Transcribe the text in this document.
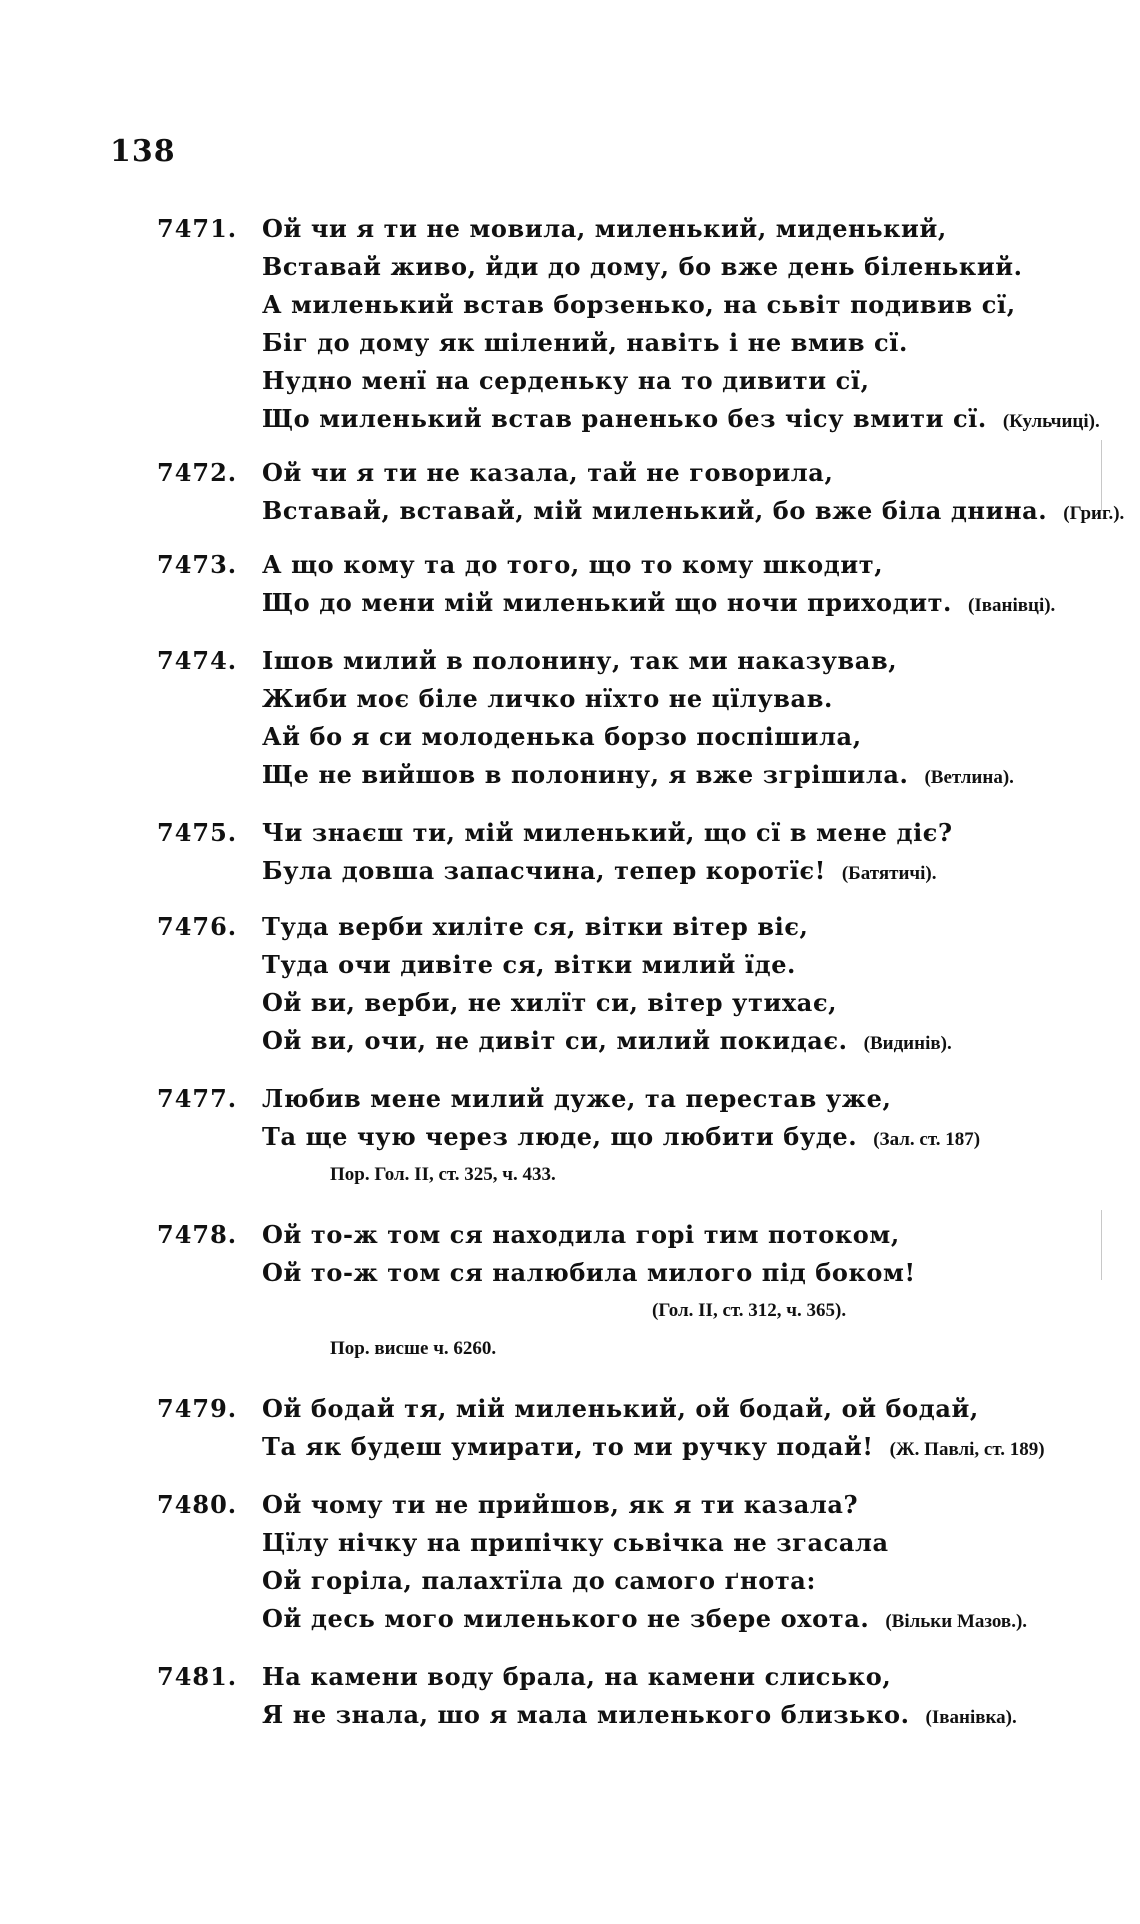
138
7471. Ой чи я ти не мовила, миленький, миденький,
Вставай живо, йди до дому, бо вже день біленький.
А миленький встав борзенько, на сьвіт подивив сї,
Біг до дому як шілений, навіть і не вмив сї.
Нудно менї на серденьку на то дивити сї,
Що миленький встав раненько без чісу вмити сї. (Кульчиці).
7472. Ой чи я ти не казала, тай не говорила,
Вставай, вставай, мій миленький, бо вже біла днина. (Григ.).
7473. А що кому та до того, що то кому шкодит,
Що до мени мій миленький що ночи приходит. (Іванівці).
7474. Ішов милий в полонину, так ми наказував,
Жиби моє біле личко нїхто не цїлував.
Ай бо я си молоденька борзо поспішила,
Ще не вийшов в полонину, я вже згрішила. (Ветлина).
7475. Чи знаєш ти, мій миленький, що сї в мене діє?
Була довша запасчина, тепер коротїє! (Батятичі).
7476. Туда верби хиліте ся, вітки вітер віє,
Туда очи дивіте ся, вітки милий їде.
Ой ви, верби, не хилїт си, вітер утихає,
Ой ви, очи, не дивіт си, милий покидає. (Видинів).
7477. Любив мене милий дуже, та перестав уже,
Та ще чую через люде, що любити буде. (Зал. ст. 187)
Пор. Гол. II, ст. 325, ч. 433.
7478. Ой то-ж том ся находила горі тим потоком,
Ой то-ж том ся налюбила милого під боком!
(Гол. II, ст. 312, ч. 365).
Пор. висше ч. 6260.
7479. Ой бодай тя, мій миленький, ой бодай, ой бодай,
Та як будеш умирати, то ми ручку подай! (Ж. Павлі, ст. 189)
7480. Ой чому ти не прийшов, як я ти казала?
Цїлу нічку на припічку сьвічка не згасала
Ой горіла, палахтїла до самого ґнота:
Ой десь мого миленького не збере охота. (Вільки Мазов.).
7481. На камени воду брала, на камени слисько,
Я не знала, шо я мала миленького близько. (Іванівка).
